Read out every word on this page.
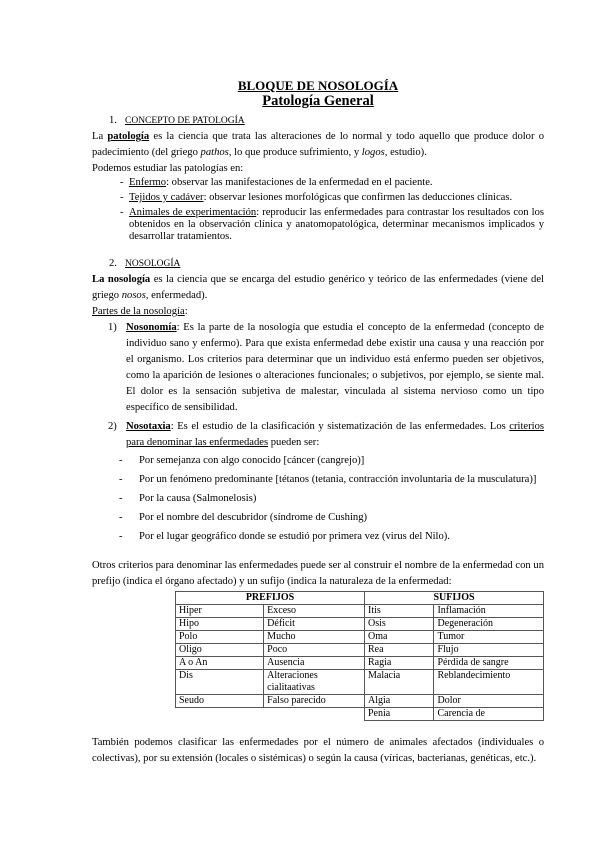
BLOQUE DE NOSOLOGÍA
Patología General
1. CONCEPTO DE PATOLOGÍA

La patología es la ciencia que trata las alteraciones de lo normal y todo aquello que produce dolor o padecimiento (del griego pathos, lo que produce sufrimiento, y logos, estudio).

Podemos estudiar las patologías en:

- Enfermo: observar las manifestaciones de la enfermedad en el paciente.
- Tejidos y cadáver: observar lesiones morfológicas que confirmen las deducciones clínicas.
- Animales de experimentación: reproducir las enfermedades para contrastar los resultados con los obtenidos en la observación clínica y anatomopatológica, determinar mecanismos implicados y desarrollar tratamientos.
2. NOSOLOGÍA

La nosología es la ciencia que se encarga del estudio genérico y teórico de las enfermedades (viene del griego nosos, enfermedad).

Partes de la nosología:

1) Nosonomía: Es la parte de la nosología que estudia el concepto de la enfermedad (concepto de individuo sano y enfermo). Para que exista enfermedad debe existir una causa y una reacción por el organismo. Los criterios para determinar que un individuo está enfermo pueden ser objetivos, como la aparición de lesiones o alteraciones funcionales; o subjetivos, por ejemplo, se siente mal. El dolor es la sensación subjetiva de malestar, vinculada al sistema nervioso como un tipo específico de sensibilidad.
2) Nosotaxia: Es el estudio de la clasificación y sistematización de las enfermedades. Los criterios para denominar las enfermedades pueden ser:
- Por semejanza con algo conocido [cáncer (cangrejo)]
- Por un fenómeno predominante [tétanos (tetania, contracción involuntaria de la musculatura)]
- Por la causa (Salmonelosis)
- Por el nombre del descubridor (síndrome de Cushing)
- Por el lugar geográfico donde se estudió por primera vez (virus del Nilo).

Otros criterios para denominar las enfermedades puede ser al construir el nombre de la enfermedad con un prefijo (indica el órgano afectado) y un sufijo (indica la naturaleza de la enfermedad:

PREFIJOS		SUFIJOS	
Hiper	Exceso	Itis	Inflamación
Hipo	Déficit	Osis	Degeneración
Polo	Mucho	Oma	Tumor
Oligo	Poco	Rea	Flujo
A o An	Ausencia	Ragia	Pérdida de sangre
Dis	Alteraciones cialitaativas	Malacia	Reblandecimiento
Seudo	Falso parecido	Algia	Dolor
		Penia	Carencia de

También podemos clasificar las enfermedades por el número de animales afectados (individuales o colectivas), por su extensión (locales o sistémicas) o según la causa (víricas, bacterianas, genéticas, etc.).
